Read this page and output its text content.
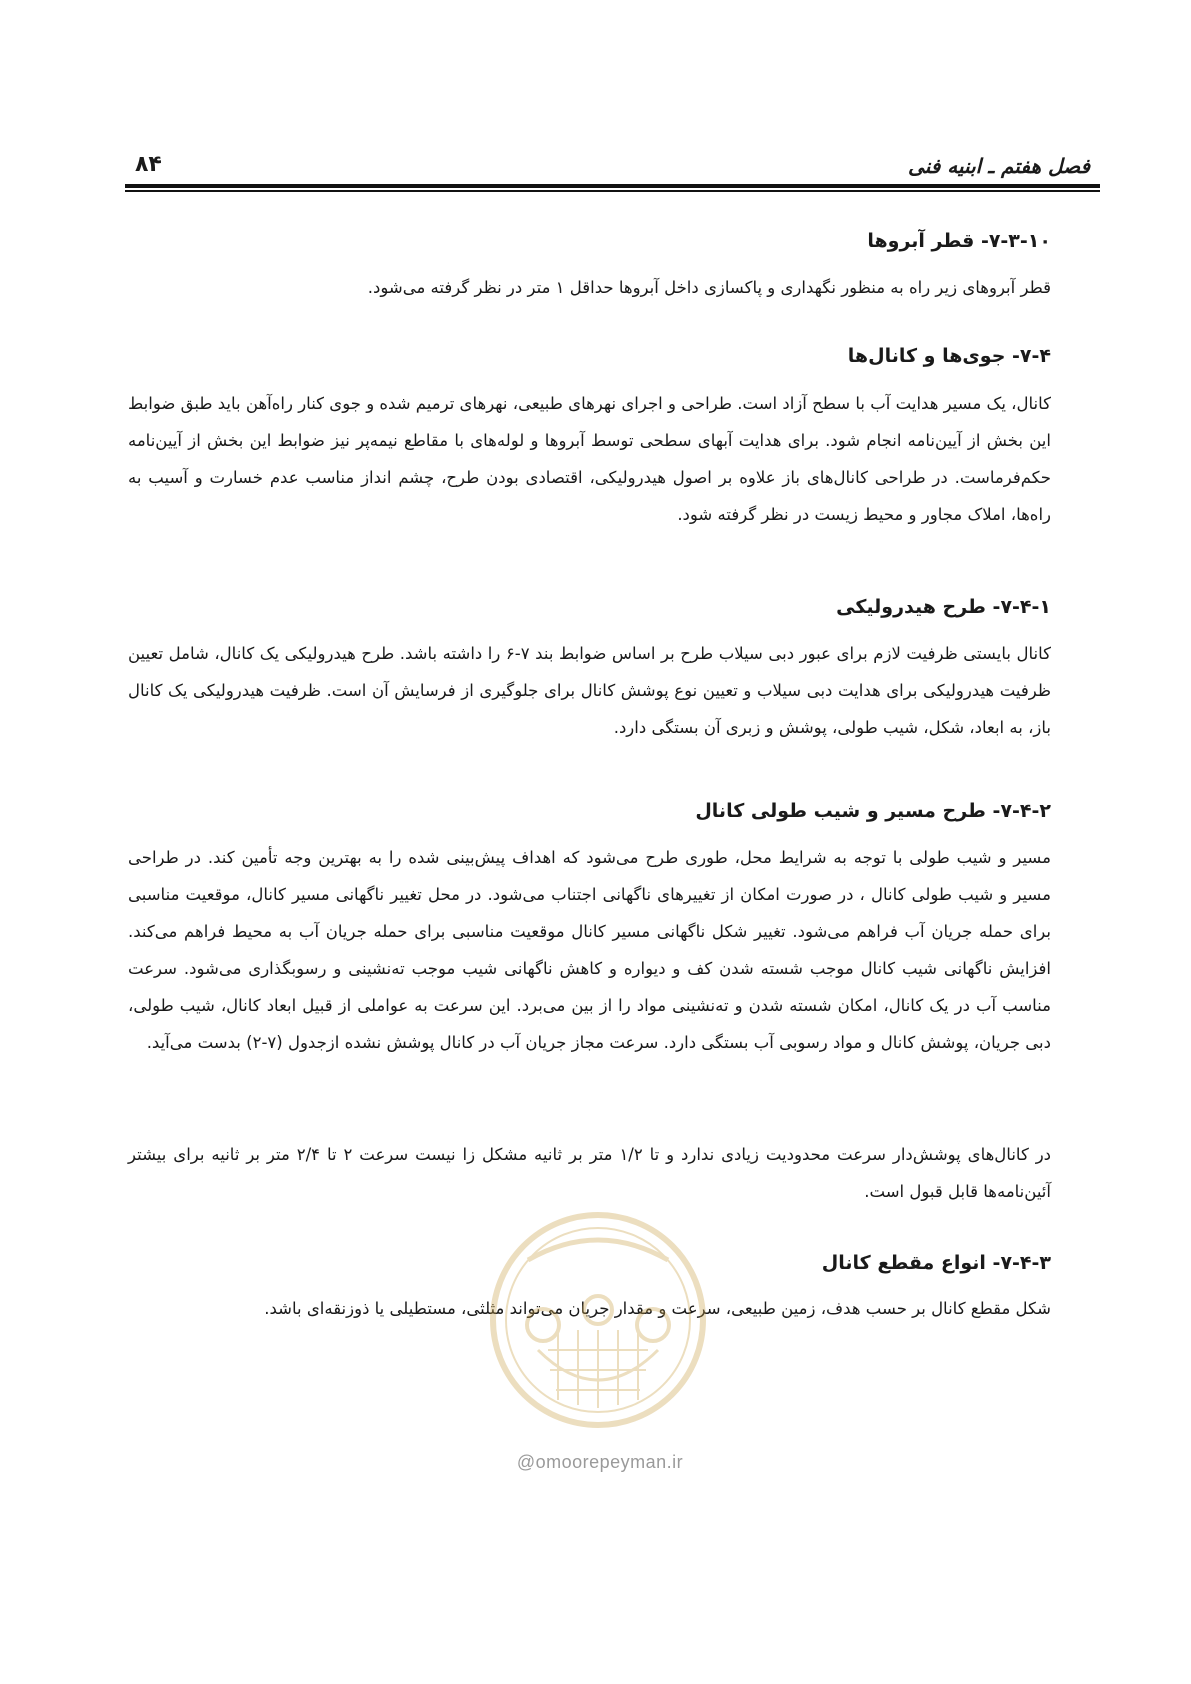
فصل هفتم ـ ابنیه فنی
۸۴
۷-۳-۱۰- قطر آبروها
قطر آبروهای زیر راه به منظور نگهداری و پاکسازی داخل آبروها حداقل ۱ متر در نظر گرفته می‌شود.
۷-۴- جوی‌ها و کانال‌ها
کانال، یک مسیر هدایت آب با سطح آزاد است. طراحی و اجرای نهرهای طبیعی، نهرهای ترمیم شده و جوی کنار راه‌آهن باید طبق ضوابط این بخش از آیین‌نامه انجام شود. برای هدایت آبهای سطحی توسط آبروها و لوله‌های با مقاطع نیمه‌پر نیز ضوابط این بخش از آیین‌نامه حکم‌فرماست. در طراحی کانال‌های باز علاوه بر اصول هیدرولیکی، اقتصادی بودن طرح، چشم انداز مناسب عدم خسارت و آسیب به راه‌ها، املاک مجاور و محیط زیست در نظر گرفته شود.
۷-۴-۱- طرح هیدرولیکی
کانال بایستی ظرفیت لازم برای عبور دبی سیلاب طرح بر اساس ضوابط بند ۷-۶ را داشته باشد. طرح هیدرولیکی یک کانال، شامل تعیین ظرفیت هیدرولیکی برای هدایت دبی سیلاب و تعیین نوع پوشش کانال برای جلوگیری از فرسایش آن است. ظرفیت هیدرولیکی یک کانال باز، به ابعاد، شکل، شیب طولی، پوشش و زبری آن بستگی دارد.
۷-۴-۲- طرح مسیر و شیب طولی کانال
مسیر و شیب طولی با توجه به شرایط محل، طوری طرح می‌شود که اهداف پیش‌بینی شده را به بهترین وجه تأمین کند. در طراحی مسیر و شیب طولی کانال ، در صورت امکان از تغییرهای ناگهانی اجتناب می‌شود. در محل تغییر ناگهانی مسیر کانال، موقعیت مناسبی برای حمله جریان آب فراهم می‌شود. تغییر شکل ناگهانی مسیر کانال موقعیت مناسبی برای حمله جریان آب به محیط فراهم می‌کند. افزایش ناگهانی شیب کانال موجب شسته شدن کف و دیواره و کاهش ناگهانی شیب موجب ته‌نشینی و رسوبگذاری می‌شود. سرعت مناسب آب در یک کانال، امکان شسته شدن و ته‌نشینی مواد را از بین می‌برد. این سرعت به عواملی از قبیل ابعاد کانال، شیب طولی، دبی جریان، پوشش کانال و مواد رسوبی آب بستگی دارد. سرعت مجاز جریان آب در کانال پوشش نشده ازجدول (۷-۲) بدست می‌آید.
در کانال‌های پوشش‌دار سرعت محدودیت زیادی ندارد و تا ۱/۲ متر بر ثانیه مشکل زا نیست سرعت ۲ تا ۲/۴ متر بر ثانیه برای بیشتر آئین‌نامه‌ها قابل قبول است.
۷-۴-۳- انواع مقطع کانال
شکل مقطع کانال بر حسب هدف، زمین طبیعی، سرعت و مقدار جریان می‌تواند مثلثی، مستطیلی یا ذوزنقه‌ای باشد.
@omoorepeyman.ir
